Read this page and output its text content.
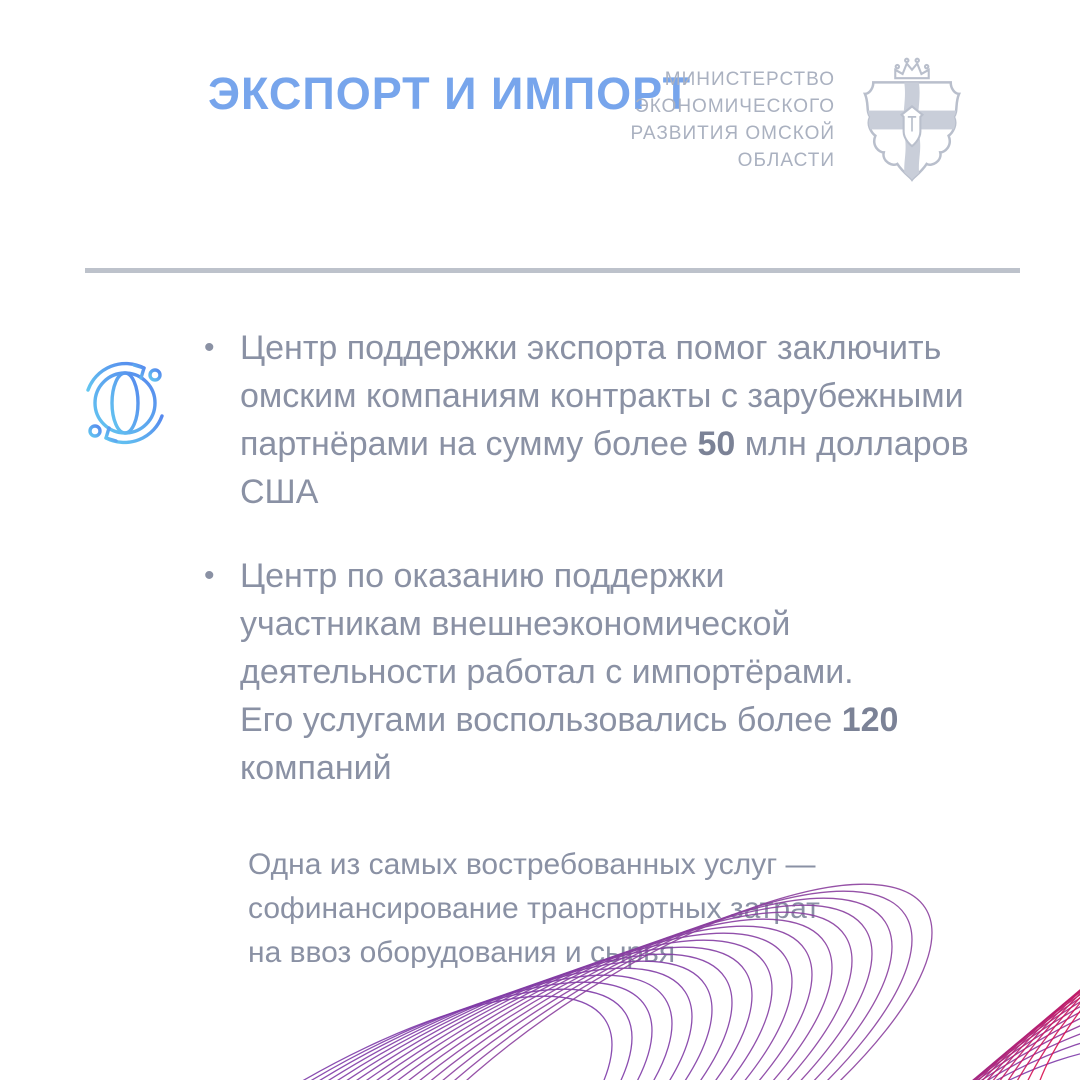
ЭКСПОРТ И ИМПОРТ
МИНИСТЕРСТВО
ЭКОНОМИЧЕСКОГО
РАЗВИТИЯ ОМСКОЙ
ОБЛАСТИ
• Центр поддержки экспорта помог заключить
омским компаниям контракты с зарубежными
партнёрами на сумму более 50 млн долларов
США
• Центр по оказанию поддержки
участникам внешнеэкономической
деятельности работал с импортёрами.
Его услугами воспользовались более 120
компаний
Одна из самых востребованных услуг —
софинансирование транспортных затрат
на ввоз оборудования и сырья
